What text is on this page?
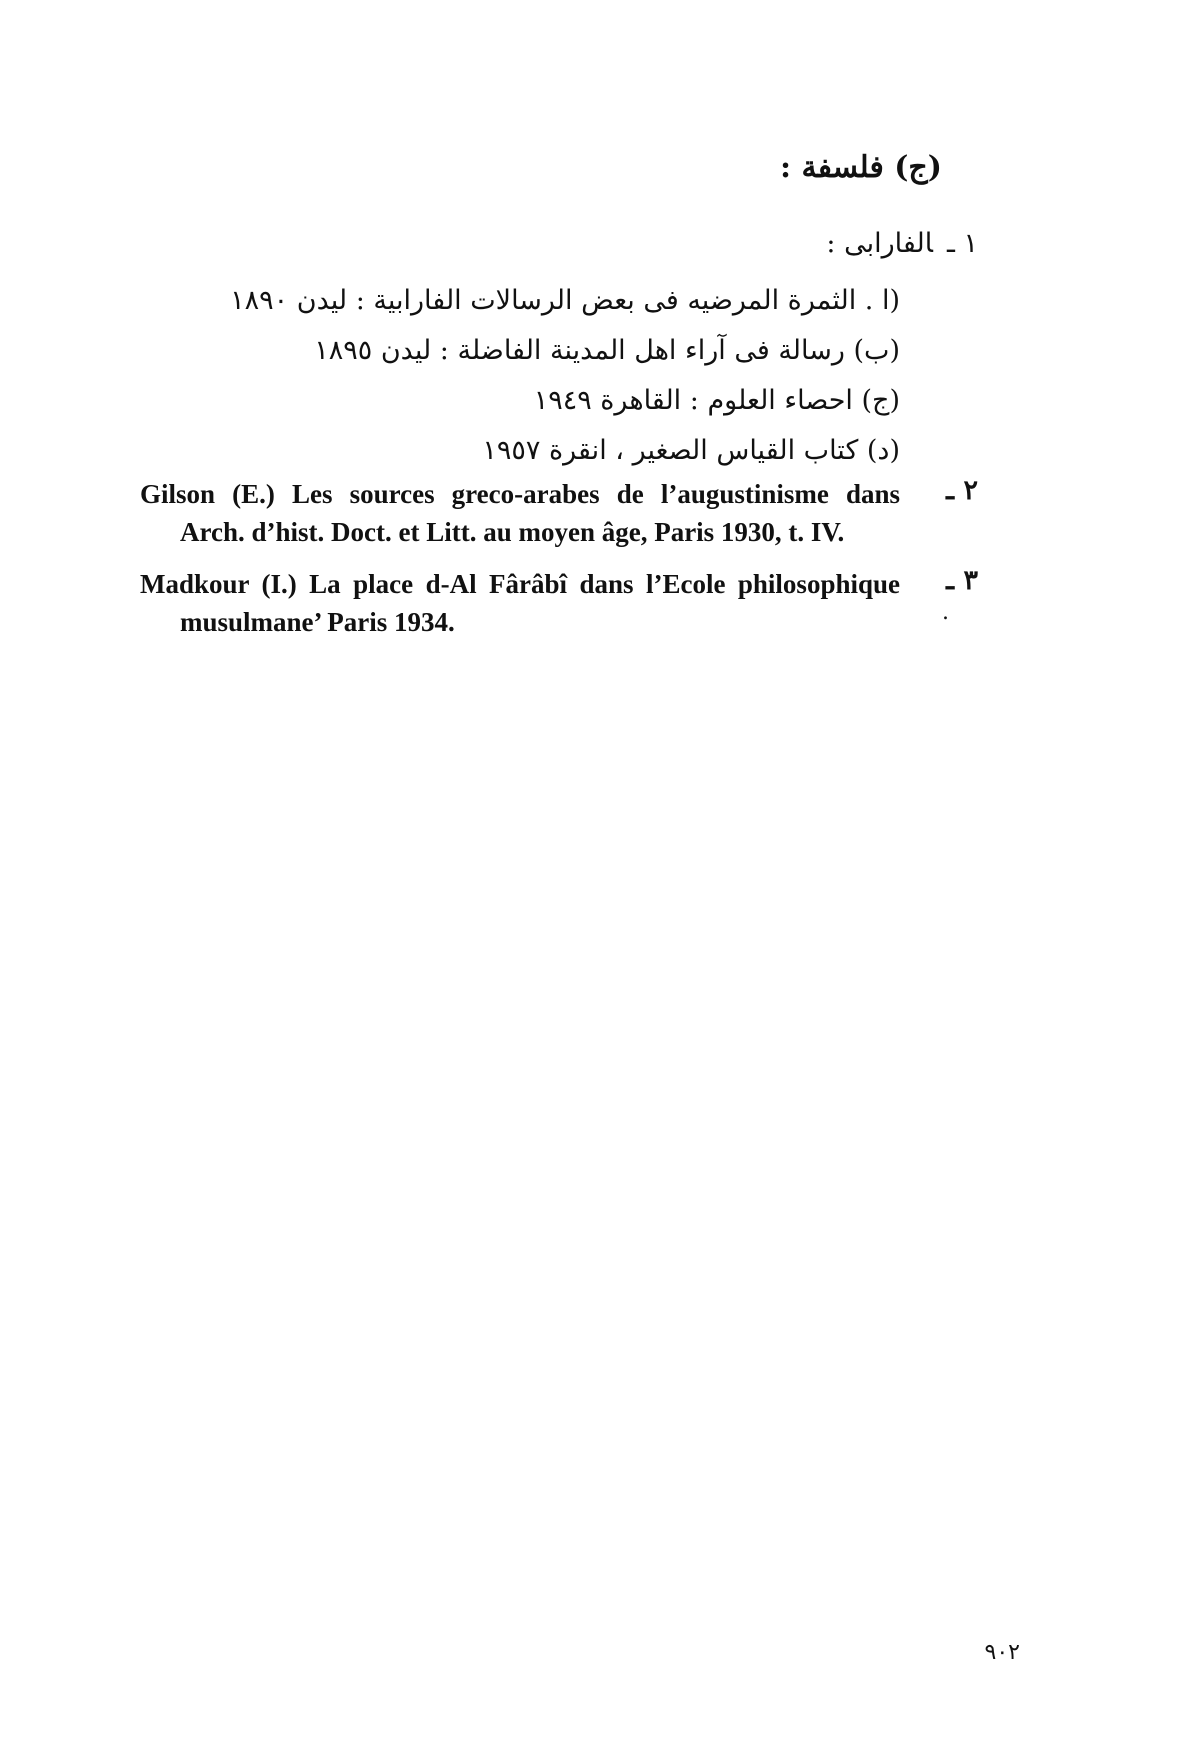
(ج) فلسفة :
١ ـالفارابى :
(ا . الثمرة المرضيه فى بعض الرسالات الفارابية : ليدن ١٨٩٠
(ب) رسالة فى آراء اهل المدينة الفاضلة : ليدن ١٨٩٥
(ج) احصاء العلوم : القاهرة ١٩٤٩
(د) كتاب القياس الصغير ، انقرة ١٩٥٧
٢ ـ
Gilson (E.) Les sources greco-arabes de l’augustinisme dans
Arch. d’hist. Doct. et Litt. au moyen âge, Paris 1930, t. IV.
٣ ـ
Madkour (I.) La place d-Al Fârâbî dans l’Ecole philosophique
musulmane’ Paris 1934.	.
٩٠٢
